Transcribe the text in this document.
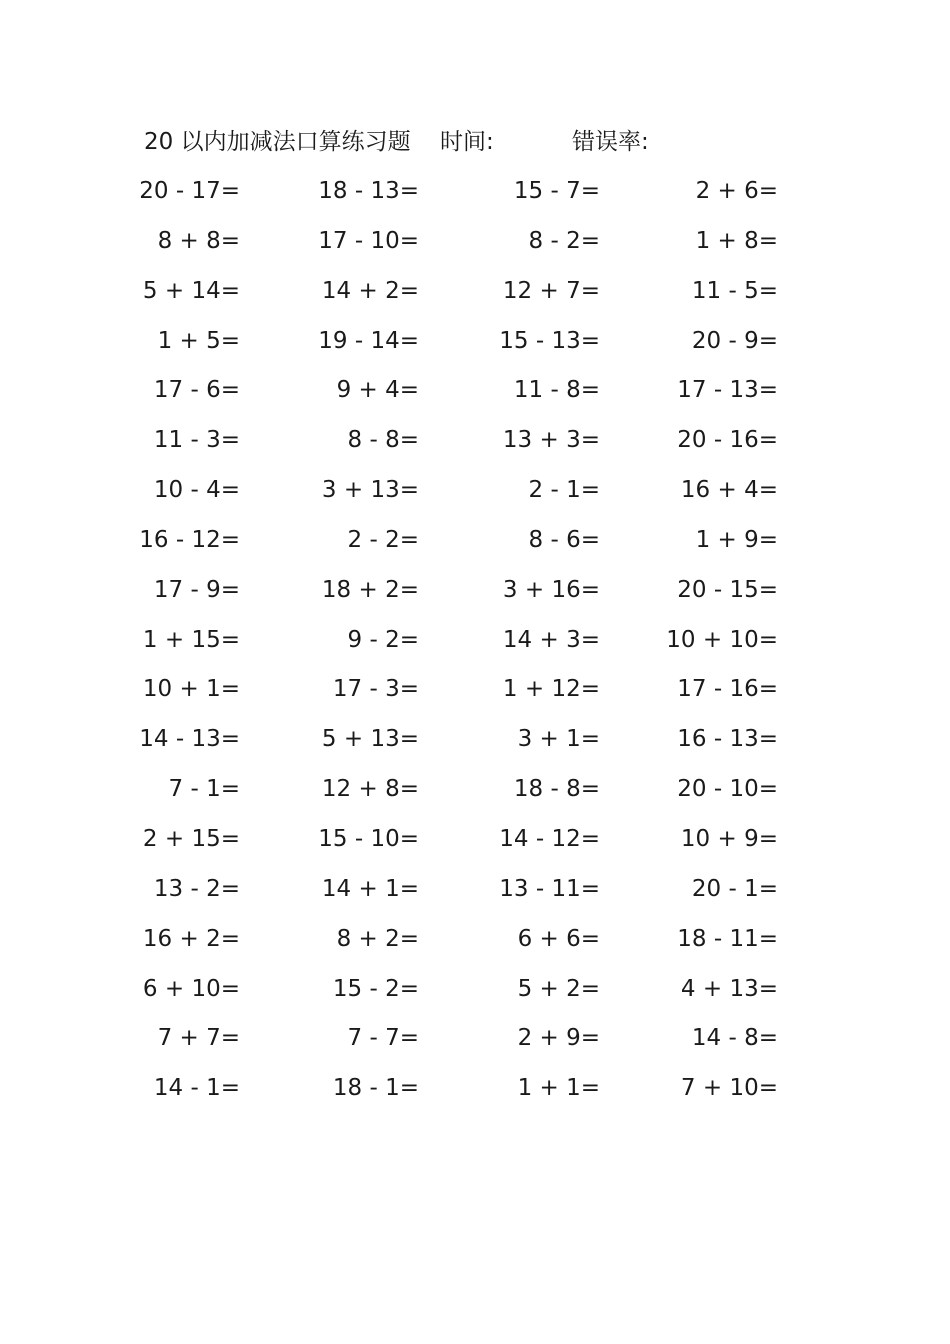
20 以内加减法口算练习题 时间:	错误率:
20 - 17=	18 - 13=	15 - 7=	2 + 6=
8 + 8=	17 - 10=	8 - 2=	1 + 8=
5 + 14=	14 + 2=	12 + 7=	11 - 5=
1 + 5=	19 - 14=	15 - 13=	20 - 9=
17 - 6=	9 + 4=	11 - 8=	17 - 13=
11 - 3=	8 - 8=	13 + 3=	20 - 16=
10 - 4=	3 + 13=	2 - 1=	16 + 4=
16 - 12=	2 - 2=	8 - 6=	1 + 9=
17 - 9=	18 + 2=	3 + 16=	20 - 15=
1 + 15=	9 - 2=	14 + 3=	10 + 10=
10 + 1=	17 - 3=	1 + 12=	17 - 16=
14 - 13=	5 + 13=	3 + 1=	16 - 13=
7 - 1=	12 + 8=	18 - 8=	20 - 10=
2 + 15=	15 - 10=	14 - 12=	10 + 9=
13 - 2=	14 + 1=	13 - 11=	20 - 1=
16 + 2=	8 + 2=	6 + 6=	18 - 11=
6 + 10=	15 - 2=	5 + 2=	4 + 13=
7 + 7=	7 - 7=	2 + 9=	14 - 8=
14 - 1=	18 - 1=	1 + 1=	7 + 10=
